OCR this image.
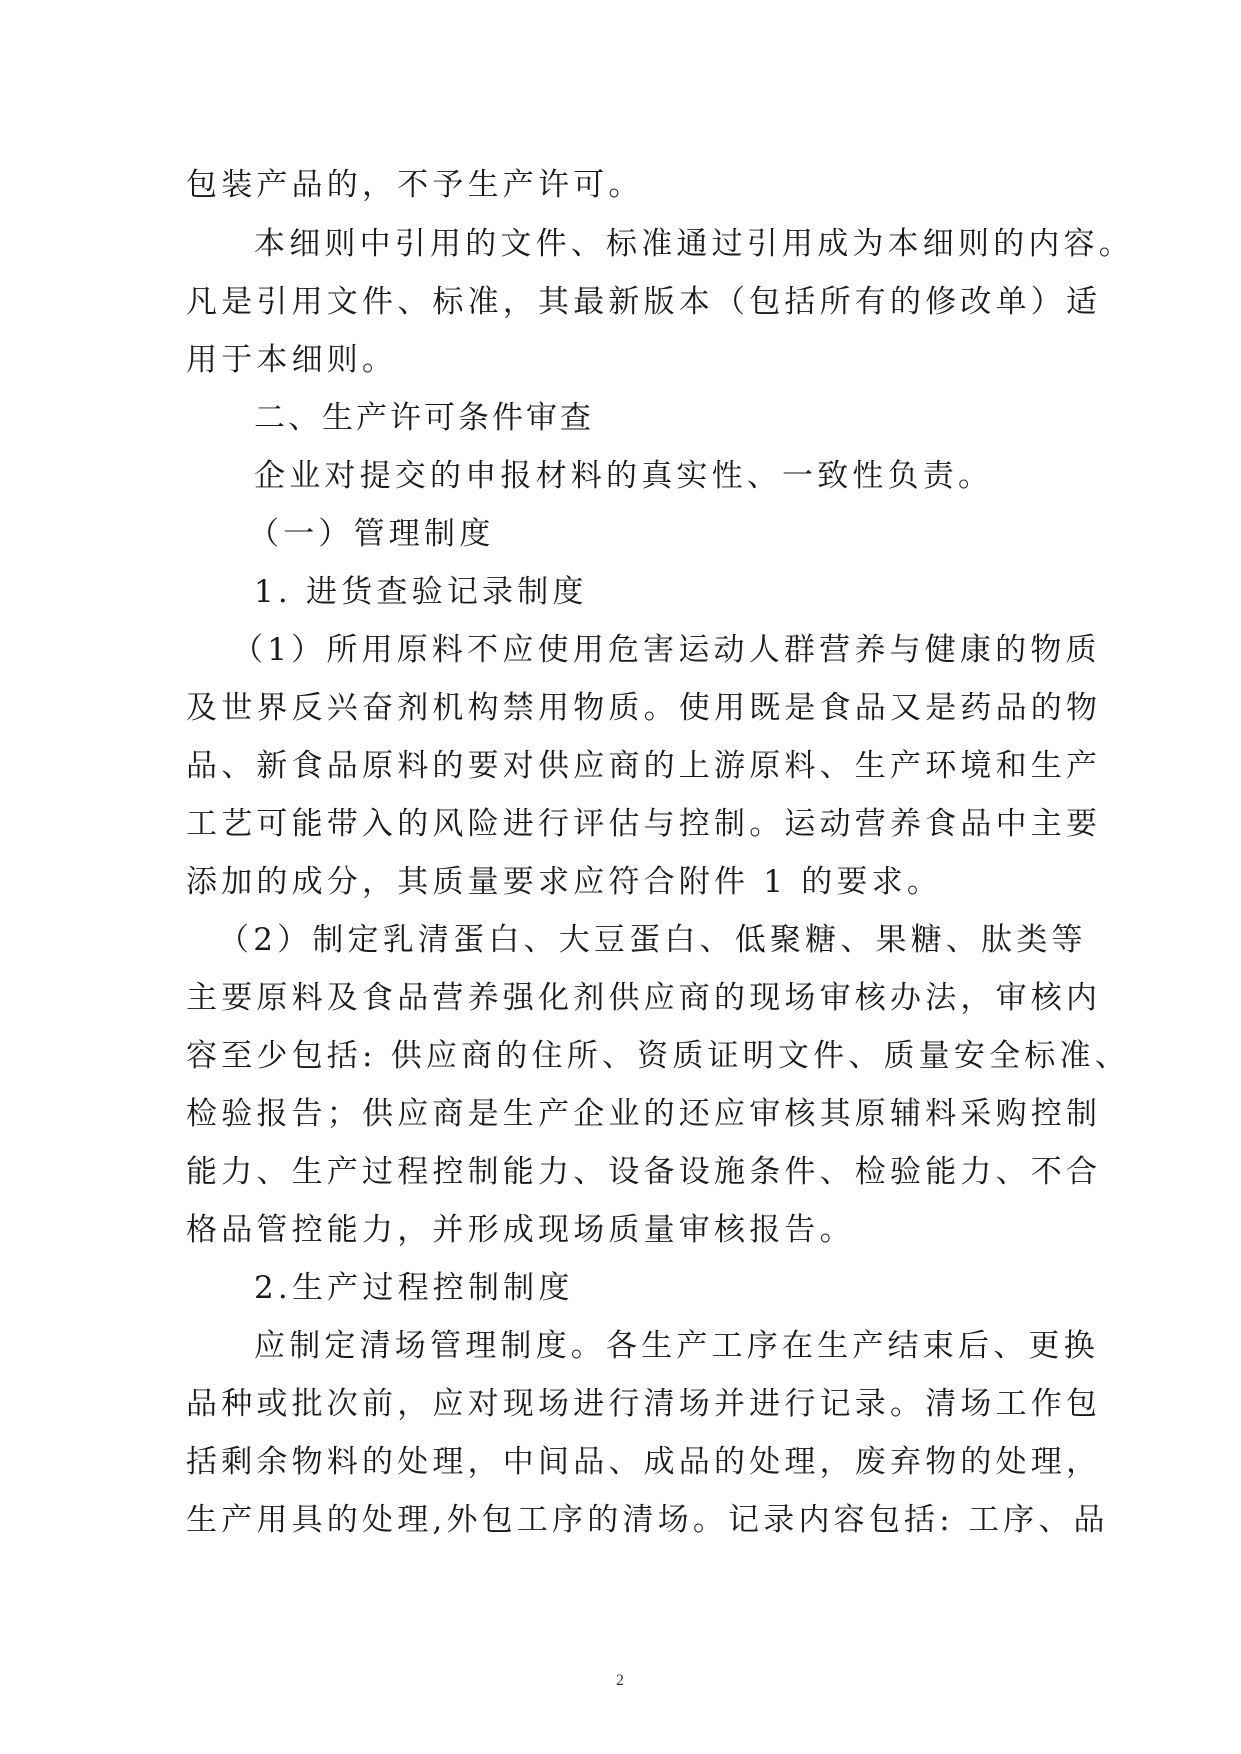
包装产品的，不予生产许可。
本细则中引用的文件、标准通过引用成为本细则的内容。
凡是引用文件、标准，其最新版本（包括所有的修改单）适
用于本细则。
二、生产许可条件审查
企业对提交的申报材料的真实性、一致性负责。
（一）管理制度
1. 进货查验记录制度
（1）所用原料不应使用危害运动人群营养与健康的物质
及世界反兴奋剂机构禁用物质。使用既是食品又是药品的物
品、新食品原料的要对供应商的上游原料、生产环境和生产
工艺可能带入的风险进行评估与控制。运动营养食品中主要
添加的成分，其质量要求应符合附件 1 的要求。
（2）制定乳清蛋白、大豆蛋白、低聚糖、果糖、肽类等
主要原料及食品营养强化剂供应商的现场审核办法，审核内
容至少包括: 供应商的住所、资质证明文件、质量安全标准、
检验报告；供应商是生产企业的还应审核其原辅料采购控制
能力、生产过程控制能力、设备设施条件、检验能力、不合
格品管控能力，并形成现场质量审核报告。
2.生产过程控制制度
应制定清场管理制度。各生产工序在生产结束后、更换
品种或批次前，应对现场进行清场并进行记录。清场工作包
括剩余物料的处理，中间品、成品的处理，废弃物的处理，
生产用具的处理,外包工序的清场。记录内容包括: 工序、品
2
